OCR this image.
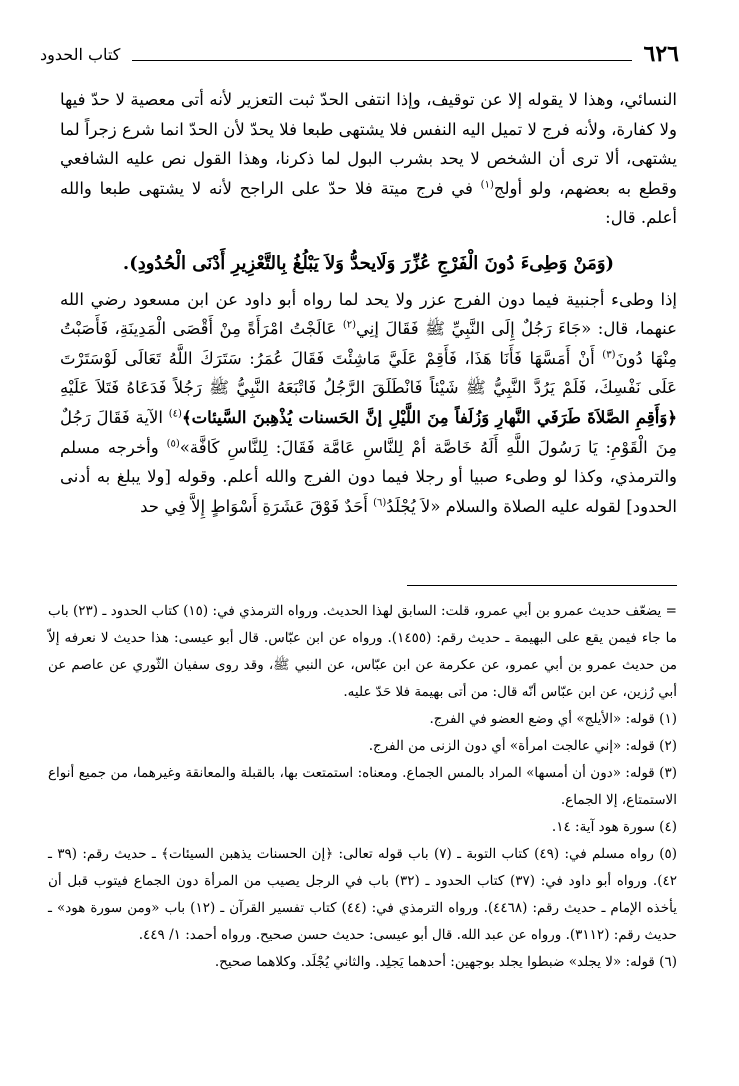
٦٢٦
كتاب الحدود

النسائي، وهذا لا يقوله إلا عن توقيف، وإذا انتفى الحدّ ثبت التعزير لأنه أتى معصية لا حدّ فيها ولا كفارة، ولأنه فرج لا تميل اليه النفس فلا يشتهى طبعا فلا يحدّ لأن الحدّ انما شرع زجراً لما يشتهى، ألا ترى أن الشخص لا يحد بشرب البول لما ذكرنا، وهذا القول نص عليه الشافعي وقطع به بعضهم، ولو أولج$^{(١)}$ في فرج ميتة فلا حدّ على الراجح لأنه لا يشتهى طبعا والله أعلم. قال:

(وَمَنْ وَطِىءَ دُونَ الْفَرْجِ عُزِّرَ وَلَايحدُّ وَلاَ يَبْلُغُ بِالتَّعْزِيرِ أَدْنَى الْحُدُودِ).

إذا وطىء أجنبية فيما دون الفرج عزر ولا يحد لما رواه أبو داود عن ابن مسعود رضي الله عنهما، قال: «جَاءَ رَجُلٌ إِلَى النَّبِيِّ ﷺ فَقَالَ إنِي$^{(٢)}$ عَالَجْتُ امْرَأَةً مِنْ أَقْصَى الْمَدِينَةِ، فَأَصَبْتُ مِنْهَا دُونَ$^{(٣)}$ أَنْ أَمَسَّهَا فَأَنَا هَذَا، فَأَقِمْ عَلَيَّ مَاشِئْتَ فَقَالَ عُمَرُ: سَتَرَكَ اللَّهُ تَعَالَى لَوْسَتَرْتَ عَلَى نَفْسِكَ، فَلَمْ يَرُدَّ النَّبِيُّ ﷺ شَيْئاً فَانْطَلَقَ الرَّجُلُ فَاتْبَعَهُ النَّبِيُّ ﷺ رَجُلاً فَدَعَاهُ فَتَلاَ عَلَيْهِ ﴿وَأَقِمِ الصَّلاَةَ طَرَفَي النَّهارِ وَزُلَفاً مِنَ اللَّيْلِ إنَّ الحَسنات يُذْهِبنَ السَّيئات﴾$^{(٤)}$ الآية فَقَالَ رَجُلٌ مِنَ الْقَوْمِ: يَا رَسُولَ اللَّهِ أَلَهُ خَاصَّة أمْ لِلنَّاسِ عَامَّة فَقَالَ: لِلنَّاسِ كَافَّة»$^{(٥)}$ وأخرجه مسلم والترمذي، وكذا لو وطىء صبيا أو رجلا فيما دون الفرج والله أعلم. وقوله [ولا يبلغ به أدنى الحدود] لقوله عليه الصلاة والسلام «لاَ يُجْلَدُ$^{(٦)}$ أَحَدٌ فَوْقَ عَشَرَةِ أَسْوَاطٍ إِلاَّ فِي حد

= يضعّف حديث عمرو بن أبي عمرو، قلت: السابق لهذا الحديث. ورواه الترمذي في: (١٥) كتاب الحدود ـ (٢٣) باب ما جاء فيمن يقع على البهيمة ـ حديث رقم: (١٤٥٥). ورواه عن ابن عبّاس. قال أبو عيسى: هذا حديث لا نعرفه إلاّ من حديث عمرو بن أبي عمرو، عن عكرمة عن ابن عبّاس، عن النبي ﷺ، وقد روى سفيان الثّوري عن عاصم عن أبي رُزين، عن ابن عبّاس أنّه قال: من أتى بهيمة فلا حَدّ عليه.

(١) قوله: «الأيلج» أي وضع العضو في الفرج.

(٢) قوله: «إني عالجت امرأة» أي دون الزنى من الفرج.

(٣) قوله: «دون أن أمسها» المراد بالمس الجماع. ومعناه: استمتعت بها، بالقبلة والمعانقة وغيرهما، من جميع أنواع الاستمتاع، إلا الجماع.

(٤) سورة هود آية: ١٤.

(٥) رواه مسلم في: (٤٩) كتاب التوبة ـ (٧) باب قوله تعالى: ﴿إن الحسنات يذهبن السيئات﴾ ـ حديث رقم: (٣٩ ـ ٤٢). ورواه أبو داود في: (٣٧) كتاب الحدود ـ (٣٢) باب في الرجل يصيب من المرأة دون الجماع فيتوب قبل أن يأخذه الإمام ـ حديث رقم: (٤٤٦٨). ورواه الترمذي في: (٤٤) كتاب تفسير القرآن ـ (١٢) باب «ومن سورة هود» ـ حديث رقم: (٣١١٢). ورواه عن عبد الله. قال أبو عيسى: حديث حسن صحيح. ورواه أحمد: ١/ ٤٤٩.

(٦) قوله: «لا يجلد» ضبطوا يجلد بوجهين: أحدهما يَجلِد. والثاني يُجْلَد. وكلاهما صحيح.
